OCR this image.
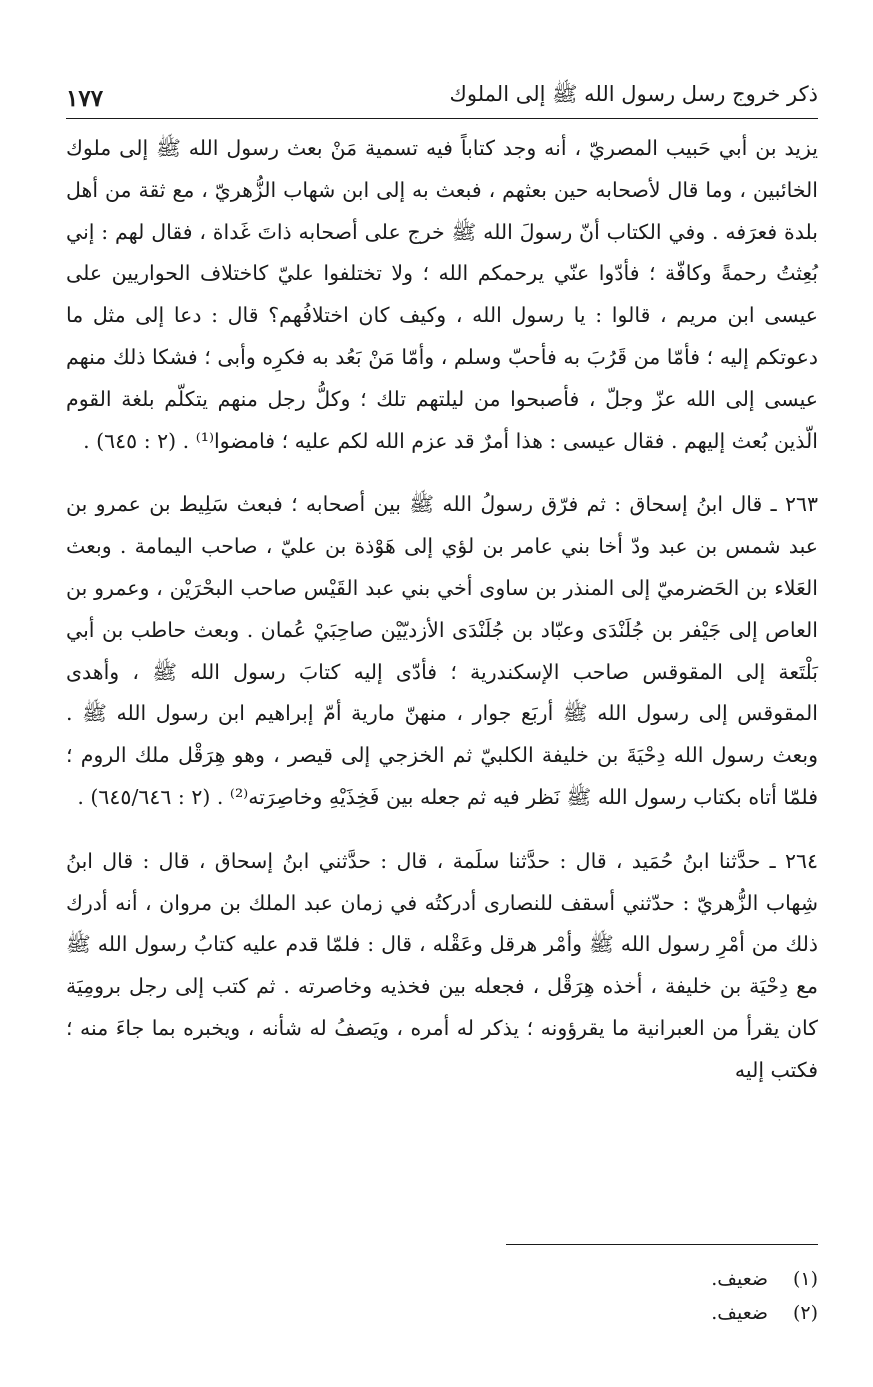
ذكر خروج رسل رسول الله ﷺ إلى الملوك
١٧٧

يزيد بن أبي حَبيب المصريّ ، أنه وجد كتاباً فيه تسمية مَنْ بعث رسول الله ﷺ إلى ملوك الخائبين ، وما قال لأصحابه حين بعثهم ، فبعث به إلى ابن شهاب الزُّهريّ ، مع ثقة من أهل بلدة فعرَفه . وفي الكتاب أنّ رسولَ الله ﷺ خرج على أصحابه ذاتَ غَداة ، فقال لهم : إني بُعِثتُ رحمةً وكافّة ؛ فأدّوا عنّي يرحمكم الله ؛ ولا تختلفوا عليّ كاختلاف الحواريين على عيسى ابن مريم ، قالوا : يا رسول الله ، وكيف كان اختلافُهم؟ قال : دعا إلى مثل ما دعوتكم إليه ؛ فأمّا من قَرُبَ به فأحبّ وسلم ، وأمّا مَنْ بَعُد به فكرِه وأبى ؛ فشكا ذلك منهم عيسى إلى الله عزّ وجلّ ، فأصبحوا من ليلتهم تلك ؛ وكلُّ رجل منهم يتكلّم بلغة القوم الّذين بُعث إليهم . فقال عيسى : هذا أمرٌ قد عزم الله لكم عليه ؛ فامضوا⁽¹⁾ . (٢ : ٦٤٥) .

٢٦٣ ـ قال ابنُ إسحاق : ثم فرّق رسولُ الله ﷺ بين أصحابه ؛ فبعث سَلِيط بن عمرو بن عبد شمس بن عبد ودّ أخا بني عامر بن لؤي إلى هَوْذة بن عليّ ، صاحب اليمامة . وبعث العَلاء بن الحَضرميّ إلى المنذر بن ساوى أخي بني عبد القَيْس صاحب البحْرَيْن ، وعمرو بن العاص إلى جَيْفر بن جُلَنْدَى وعبّاد بن جُلَنْدَى الأزديّيْن صاحِبَيْ عُمان . وبعث حاطب بن أبي بَلْتَعة إلى المقوقس صاحب الإسكندرية ؛ فأدّى إليه كتابَ رسول الله ﷺ ، وأهدى المقوقس إلى رسول الله ﷺ أربَع جوار ، منهنّ مارية أمّ إبراهيم ابن رسول الله ﷺ . وبعث رسول الله دِحْيَةَ بن خليفة الكلبيّ ثم الخزجي إلى قيصر ، وهو هِرَقْل ملك الروم ؛ فلمّا أتاه بكتاب رسول الله ﷺ نَظر فيه ثم جعله بين فَخِذَيْهِ وخاصِرَته⁽²⁾ . (٢ : ٦٤٥/٦٤٦) .

٢٦٤ ـ حدَّثنا ابنُ حُمَيد ، قال : حدَّثنا سلَمة ، قال : حدَّثني ابنُ إسحاق ، قال : قال ابنُ شِهاب الزُّهريّ : حدّثني أسقف للنصارى أدركتُه في زمان عبد الملك بن مروان ، أنه أدرك ذلك من أمْرِ رسول الله ﷺ وأمْر هرقل وعَقْله ، قال : فلمّا قدم عليه كتابُ رسول الله ﷺ مع دِحْيَة بن خليفة ، أخذه هِرَقْل ، فجعله بين فخذيه وخاصرته . ثم كتب إلى رجل برومِيَة كان يقرأ من العبرانية ما يقرؤونه ؛ يذكر له أمره ، ويَصفُ له شأنه ، ويخبره بما جاءَ منه ؛ فكتب إليه

(١)
ضعيف.
(٢)
ضعيف.
